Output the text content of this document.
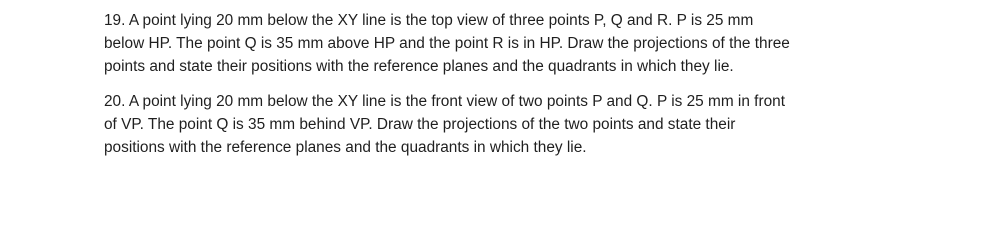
19. A point lying 20 mm below the XY line is the top view of three points P, Q and R. P is 25 mm
below HP. The point Q is 35 mm above HP and the point R is in HP. Draw the projections of the three
points and state their positions with the reference planes and the quadrants in which they lie.

20. A point lying 20 mm below the XY line is the front view of two points P and Q. P is 25 mm in front
of VP. The point Q is 35 mm behind VP. Draw the projections of the two points and state their
positions with the reference planes and the quadrants in which they lie.
